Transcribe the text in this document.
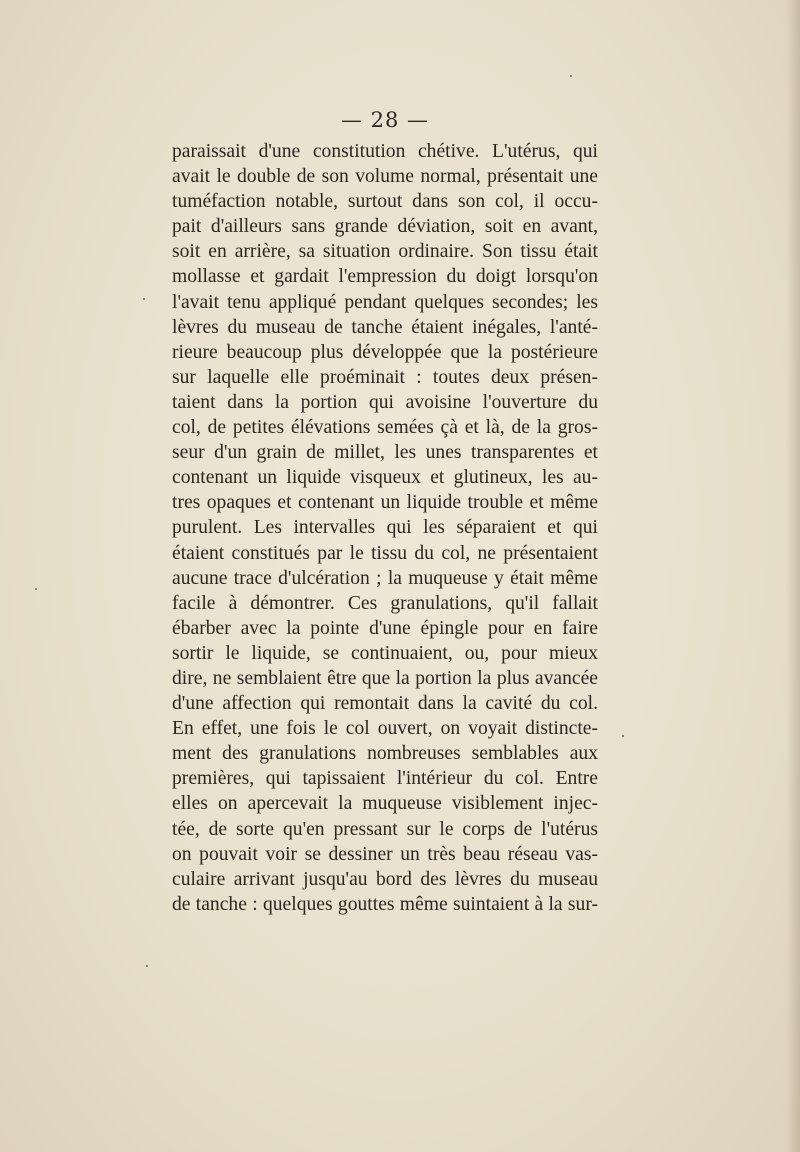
— 28 —
paraissait d'une constitution chétive. L'utérus, qui
avait le double de son volume normal, présentait une
tuméfaction notable, surtout dans son col, il occu-
pait d'ailleurs sans grande déviation, soit en avant,
soit en arrière, sa situation ordinaire. Son tissu était
mollasse et gardait l'empression du doigt lorsqu'on
l'avait tenu appliqué pendant quelques secondes; les
lèvres du museau de tanche étaient inégales, l'anté-
rieure beaucoup plus développée que la postérieure
sur laquelle elle proéminait : toutes deux présen-
taient dans la portion qui avoisine l'ouverture du
col, de petites élévations semées çà et là, de la gros-
seur d'un grain de millet, les unes transparentes et
contenant un liquide visqueux et glutineux, les au-
tres opaques et contenant un liquide trouble et même
purulent. Les intervalles qui les séparaient et qui
étaient constitués par le tissu du col, ne présentaient
aucune trace d'ulcération ; la muqueuse y était même
facile à démontrer. Ces granulations, qu'il fallait
ébarber avec la pointe d'une épingle pour en faire
sortir le liquide, se continuaient, ou, pour mieux
dire, ne semblaient être que la portion la plus avancée
d'une affection qui remontait dans la cavité du col.
En effet, une fois le col ouvert, on voyait distincte-
ment des granulations nombreuses semblables aux
premières, qui tapissaient l'intérieur du col. Entre
elles on apercevait la muqueuse visiblement injec-
tée, de sorte qu'en pressant sur le corps de l'utérus
on pouvait voir se dessiner un très beau réseau vas-
culaire arrivant jusqu'au bord des lèvres du museau
de tanche : quelques gouttes même suintaient à la sur-
